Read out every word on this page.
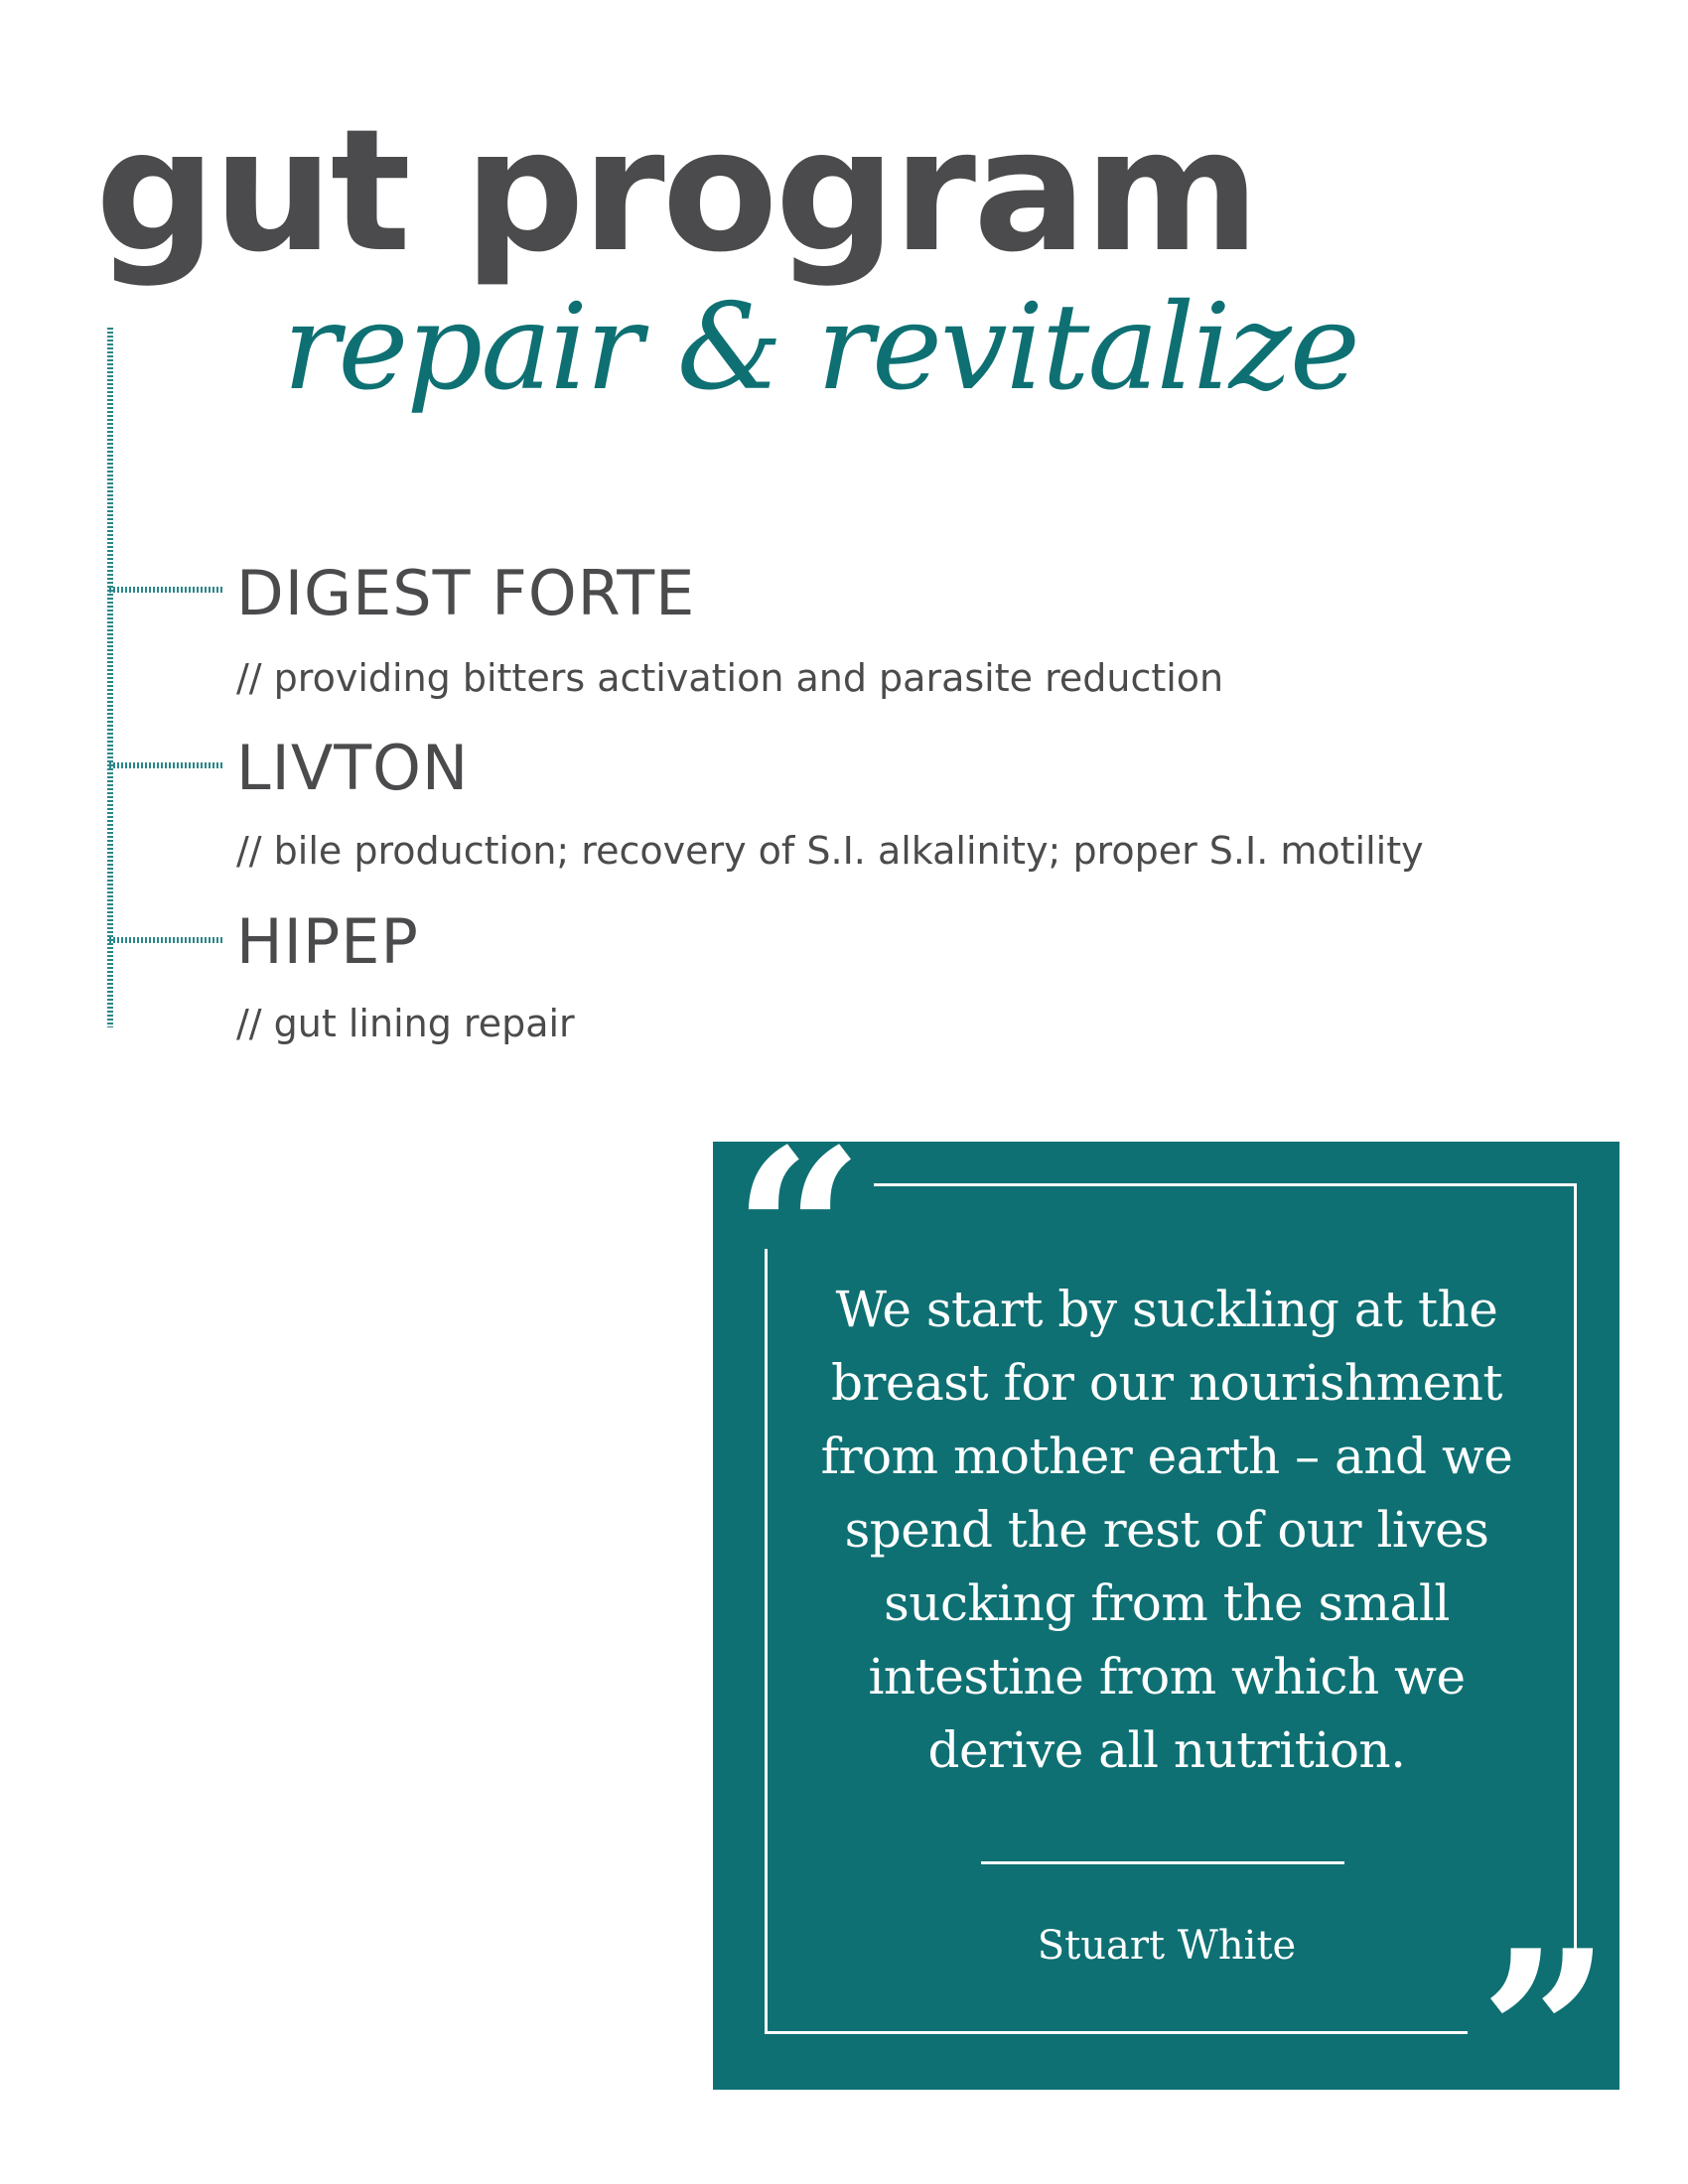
gut program
repair & revitalize
DIGEST FORTE

// providing bitters activation and parasite reduction

LIVTON

// bile production; recovery of S.I. alkalinity; proper S.I. motility

HIPEP

// gut lining repair

“
”

We start by suckling at the breast for our nourishment from mother earth – and we spend the rest of our lives sucking from the small intestine from which we derive all nutrition.

Stuart White
